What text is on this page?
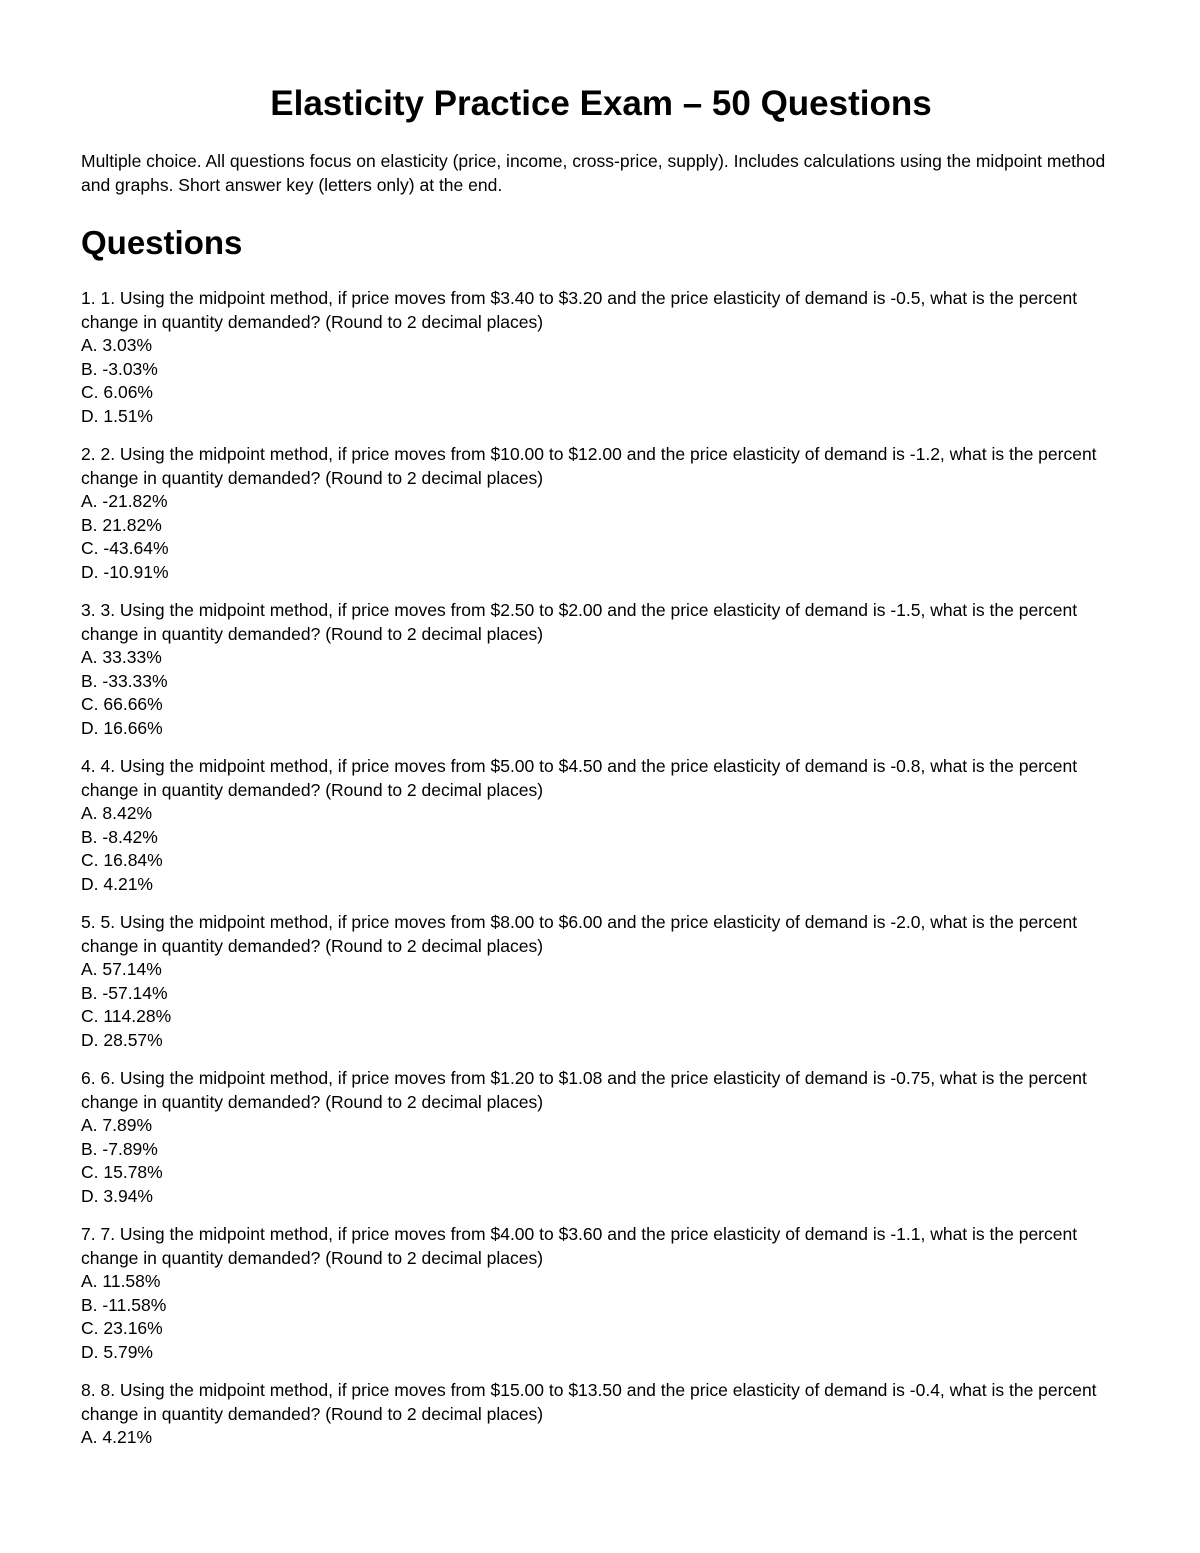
Elasticity Practice Exam – 50 Questions

Multiple choice. All questions focus on elasticity (price, income, cross-price, supply). Includes calculations using the midpoint method and graphs. Short answer key (letters only) at the end.

Questions

1. 1. Using the midpoint method, if price moves from $3.40 to $3.20 and the price elasticity of demand is -0.5, what is the percent change in quantity demanded? (Round to 2 decimal places)

A. 3.03%

B. -3.03%

C. 6.06%

D. 1.51%

2. 2. Using the midpoint method, if price moves from $10.00 to $12.00 and the price elasticity of demand is -1.2, what is the percent change in quantity demanded? (Round to 2 decimal places)

A. -21.82%

B. 21.82%

C. -43.64%

D. -10.91%

3. 3. Using the midpoint method, if price moves from $2.50 to $2.00 and the price elasticity of demand is -1.5, what is the percent change in quantity demanded? (Round to 2 decimal places)

A. 33.33%

B. -33.33%

C. 66.66%

D. 16.66%

4. 4. Using the midpoint method, if price moves from $5.00 to $4.50 and the price elasticity of demand is -0.8, what is the percent change in quantity demanded? (Round to 2 decimal places)

A. 8.42%

B. -8.42%

C. 16.84%

D. 4.21%

5. 5. Using the midpoint method, if price moves from $8.00 to $6.00 and the price elasticity of demand is -2.0, what is the percent change in quantity demanded? (Round to 2 decimal places)

A. 57.14%

B. -57.14%

C. 114.28%

D. 28.57%

6. 6. Using the midpoint method, if price moves from $1.20 to $1.08 and the price elasticity of demand is -0.75, what is the percent change in quantity demanded? (Round to 2 decimal places)

A. 7.89%

B. -7.89%

C. 15.78%

D. 3.94%

7. 7. Using the midpoint method, if price moves from $4.00 to $3.60 and the price elasticity of demand is -1.1, what is the percent change in quantity demanded? (Round to 2 decimal places)

A. 11.58%

B. -11.58%

C. 23.16%

D. 5.79%

8. 8. Using the midpoint method, if price moves from $15.00 to $13.50 and the price elasticity of demand is -0.4, what is the percent change in quantity demanded? (Round to 2 decimal places)

A. 4.21%
